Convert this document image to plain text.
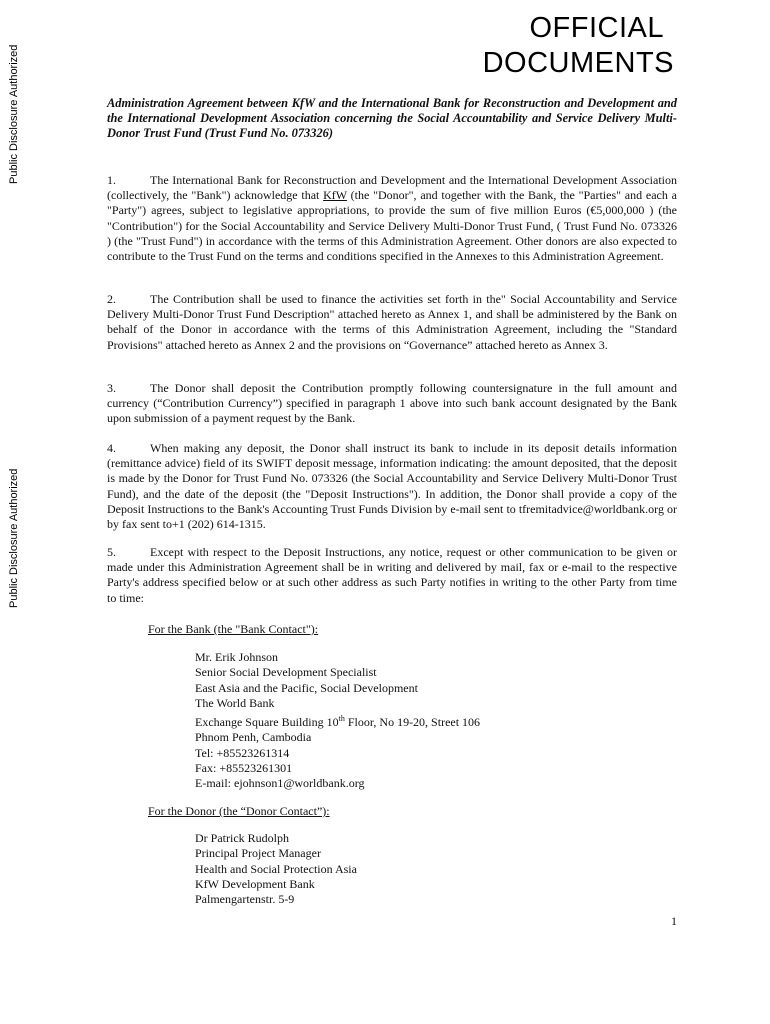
Public Disclosure Authorized
Public Disclosure Authorized
OFFICIAL
DOCUMENTS
Administration Agreement between KfW and the International Bank for Reconstruction and Development and the International Development Association concerning the Social Accountability and Service Delivery Multi-Donor Trust Fund (Trust Fund No. 073326)
1.	The International Bank for Reconstruction and Development and the International Development Association (collectively, the "Bank") acknowledge that KfW (the "Donor", and together with the Bank, the "Parties" and each a "Party") agrees, subject to legislative appropriations, to provide the sum of five million Euros (€5,000,000 ) (the "Contribution") for the Social Accountability and Service Delivery Multi-Donor Trust Fund, ( Trust Fund No. 073326 ) (the "Trust Fund") in accordance with the terms of this Administration Agreement. Other donors are also expected to contribute to the Trust Fund on the terms and conditions specified in the Annexes to this Administration Agreement.
2.	The Contribution shall be used to finance the activities set forth in the" Social Accountability and Service Delivery Multi-Donor Trust Fund Description" attached hereto as Annex 1, and shall be administered by the Bank on behalf of the Donor in accordance with the terms of this Administration Agreement, including the "Standard Provisions" attached hereto as Annex 2 and the provisions on “Governance” attached hereto as Annex 3.
3.	The Donor shall deposit the Contribution promptly following countersignature in the full amount and currency (“Contribution Currency”) specified in paragraph 1 above into such bank account designated by the Bank upon submission of a payment request by the Bank.
4.	When making any deposit, the Donor shall instruct its bank to include in its deposit details information (remittance advice) field of its SWIFT deposit message, information indicating: the amount deposited, that the deposit is made by the Donor for Trust Fund No. 073326 (the Social Accountability and Service Delivery Multi-Donor Trust Fund), and the date of the deposit (the "Deposit Instructions"). In addition, the Donor shall provide a copy of the Deposit Instructions to the Bank's Accounting Trust Funds Division by e-mail sent to tfremitadvice@worldbank.org or by fax sent to+1 (202) 614-1315.
5.	Except with respect to the Deposit Instructions, any notice, request or other communication to be given or made under this Administration Agreement shall be in writing and delivered by mail, fax or e-mail to the respective Party's address specified below or at such other address as such Party notifies in writing to the other Party from time to time:
For the Bank (the "Bank Contact"):
Mr. Erik Johnson
Senior Social Development Specialist
East Asia and the Pacific, Social Development
The World Bank
Exchange Square Building 10th Floor, No 19-20, Street 106
Phnom Penh, Cambodia
Tel: +85523261314
Fax: +85523261301
E-mail: ejohnson1@worldbank.org
For the Donor (the “Donor Contact”):
Dr Patrick Rudolph
Principal Project Manager
Health and Social Protection Asia
KfW Development Bank
Palmengartenstr. 5-9
1
